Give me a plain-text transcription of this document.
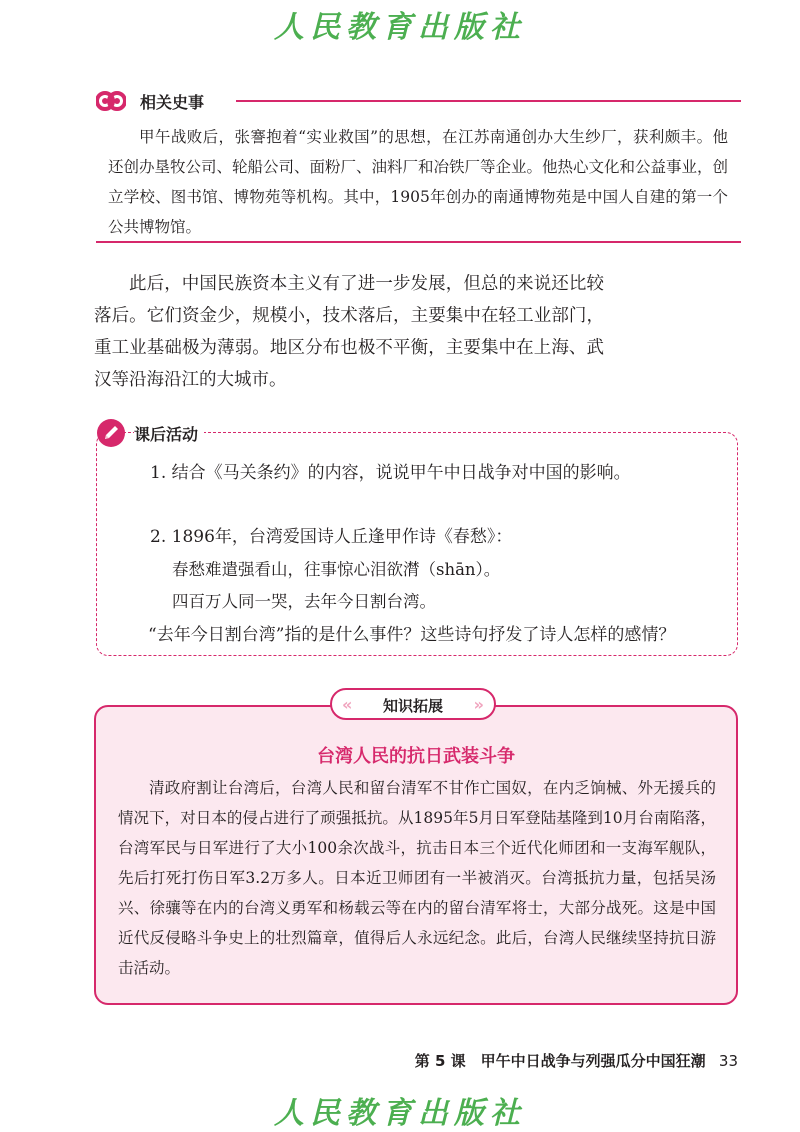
人民教育出版社
相关史事

甲午战败后，张謇抱着“实业救国”的思想，在江苏南通创办大生纱厂，获利颇丰。他还创办垦牧公司、轮船公司、面粉厂、油料厂和冶铁厂等企业。他热心文化和公益事业，创立学校、图书馆、博物苑等机构。其中，1905年创办的南通博物苑是中国人自建的第一个公共博物馆。

此后，中国民族资本主义有了进一步发展，但总的来说还比较落后。它们资金少，规模小，技术落后，主要集中在轻工业部门，重工业基础极为薄弱。地区分布也极不平衡，主要集中在上海、武汉等沿海沿江的大城市。

课后活动
1. 结合《马关条约》的内容，说说甲午中日战争对中国的影响。
2. 1896年，台湾爱国诗人丘逢甲作诗《春愁》：
春愁难遣强看山，往事惊心泪欲潸（shān）。
四百万人同一哭，去年今日割台湾。
“去年今日割台湾”指的是什么事件？这些诗句抒发了诗人怎样的感情？
«	知识拓展	»
台湾人民的抗日武装斗争

清政府割让台湾后，台湾人民和留台清军不甘作亡国奴，在内乏饷械、外无援兵的情况下，对日本的侵占进行了顽强抵抗。从1895年5月日军登陆基隆到10月台南陷落，台湾军民与日军进行了大小100余次战斗，抗击日本三个近代化师团和一支海军舰队，先后打死打伤日军3.2万多人。日本近卫师团有一半被消灭。台湾抵抗力量，包括吴汤兴、徐骧等在内的台湾义勇军和杨载云等在内的留台清军将士，大部分战死。这是中国近代反侵略斗争史上的壮烈篇章，值得后人永远纪念。此后，台湾人民继续坚持抗日游击活动。

第 5 课　甲午中日战争与列强瓜分中国狂潮 33
人民教育出版社
